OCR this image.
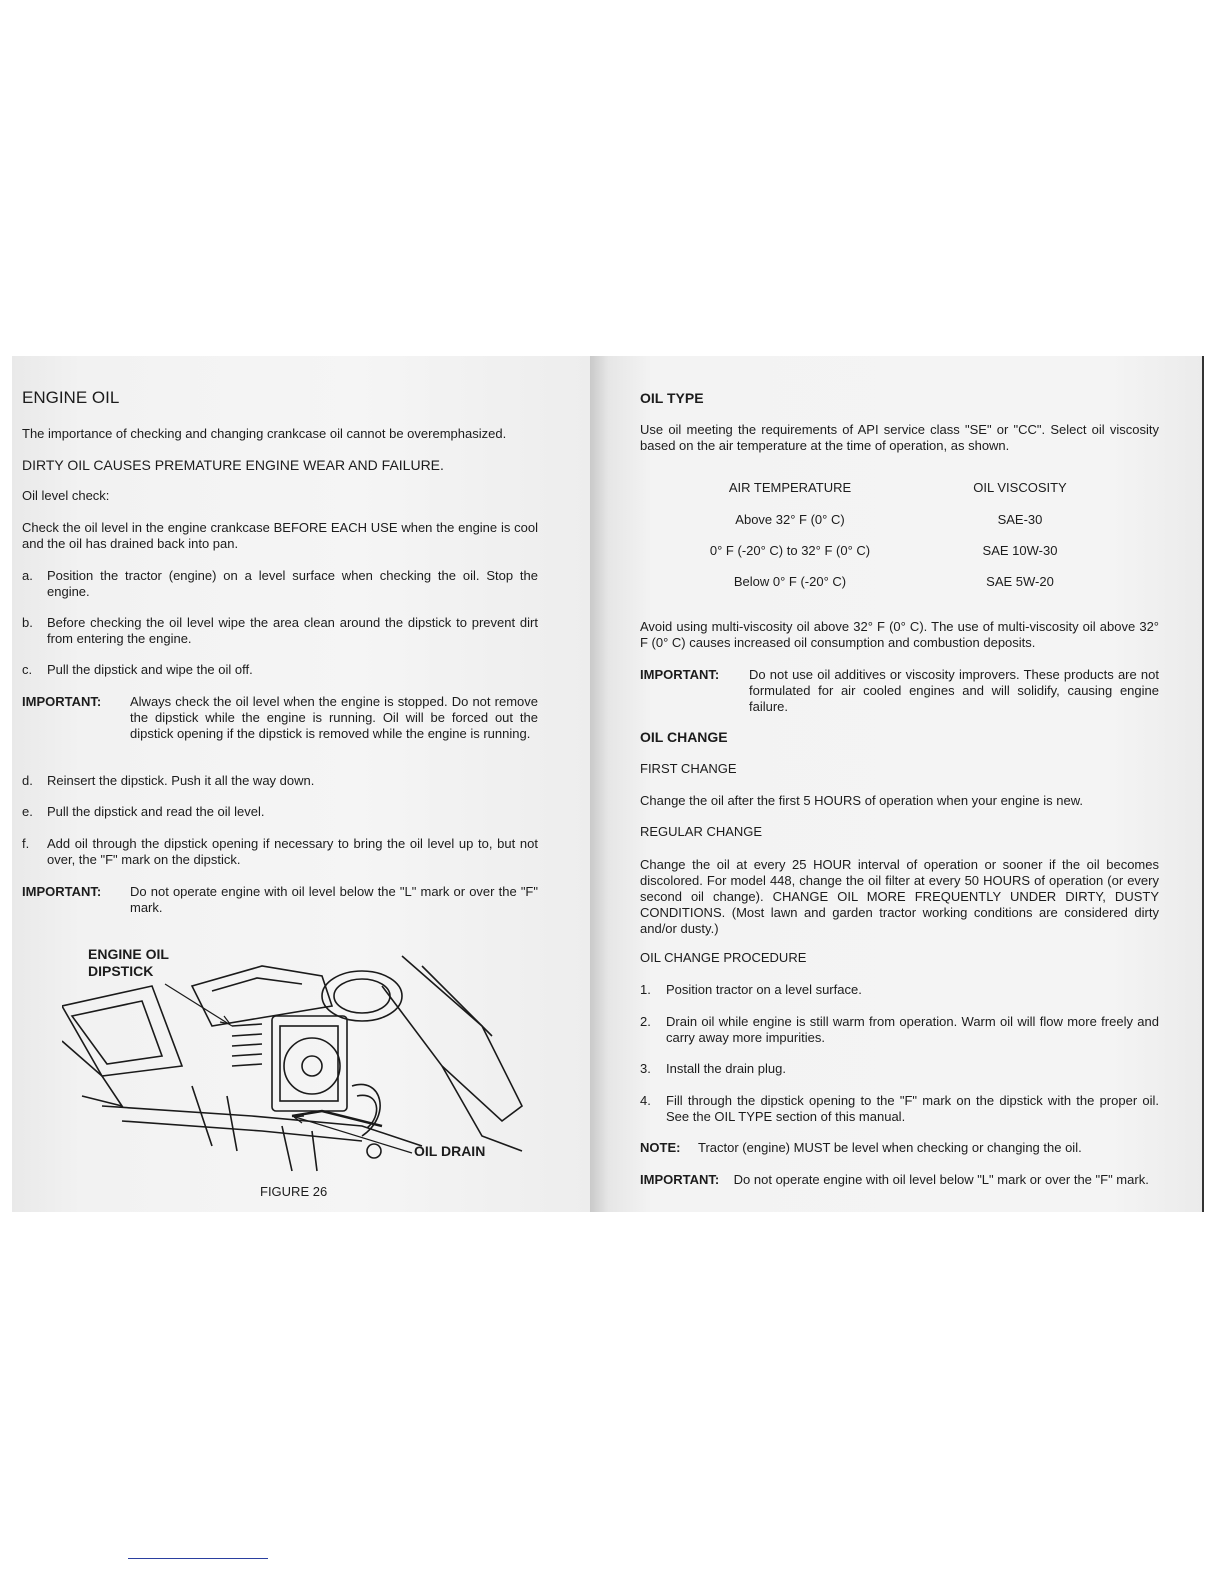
ENGINE OIL
The importance of checking and changing crankcase oil cannot be overemphasized.
DIRTY OIL CAUSES PREMATURE ENGINE WEAR AND FAILURE.
Oil level check:
Check the oil level in the engine crankcase BEFORE EACH USE when the engine is cool and the oil has drained back into pan.
a. Position the tractor (engine) on a level surface when checking the oil. Stop the engine.
b. Before checking the oil level wipe the area clean around the dipstick to prevent dirt from entering the engine.
c. Pull the dipstick and wipe the oil off.
IMPORTANT: Always check the oil level when the engine is stopped. Do not remove the dipstick while the engine is running. Oil will be forced out the dipstick opening if the dipstick is removed while the engine is running.
d. Reinsert the dipstick. Push it all the way down.
e. Pull the dipstick and read the oil level.
f. Add oil through the dipstick opening if necessary to bring the oil level up to, but not over, the "F" mark on the dipstick.
IMPORTANT: Do not operate engine with oil level below the "L" mark or over the "F" mark.
ENGINE OIL
DIPSTICK
OIL DRAIN
FIGURE 26
OIL TYPE
Use oil meeting the requirements of API service class "SE" or "CC". Select oil viscosity based on the air temperature at the time of operation, as shown.
AIR TEMPERATURE	OIL VISCOSITY
Above 32° F (0° C)	SAE-30
0° F (-20° C) to 32° F (0° C)	SAE 10W-30
Below 0° F (-20° C)	SAE 5W-20
Avoid using multi-viscosity oil above 32° F (0° C). The use of multi-viscosity oil above 32° F (0° C) causes increased oil consumption and combustion deposits.
IMPORTANT: Do not use oil additives or viscosity improvers. These products are not formulated for air cooled engines and will solidify, causing engine failure.
OIL CHANGE
FIRST CHANGE
Change the oil after the first 5 HOURS of operation when your engine is new.
REGULAR CHANGE
Change the oil at every 25 HOUR interval of operation or sooner if the oil becomes discolored. For model 448, change the oil filter at every 50 HOURS of operation (or every second oil change). CHANGE OIL MORE FREQUENTLY UNDER DIRTY, DUSTY CONDITIONS. (Most lawn and garden tractor working conditions are considered dirty and/or dusty.)
OIL CHANGE PROCEDURE
1. Position tractor on a level surface.
2. Drain oil while engine is still warm from operation. Warm oil will flow more freely and carry away more impurities.
3. Install the drain plug.
4. Fill through the dipstick opening to the "F" mark on the dipstick with the proper oil. See the OIL TYPE section of this manual.
NOTE: Tractor (engine) MUST be level when checking or changing the oil.
IMPORTANT: Do not operate engine with oil level below "L" mark or over the "F" mark.
